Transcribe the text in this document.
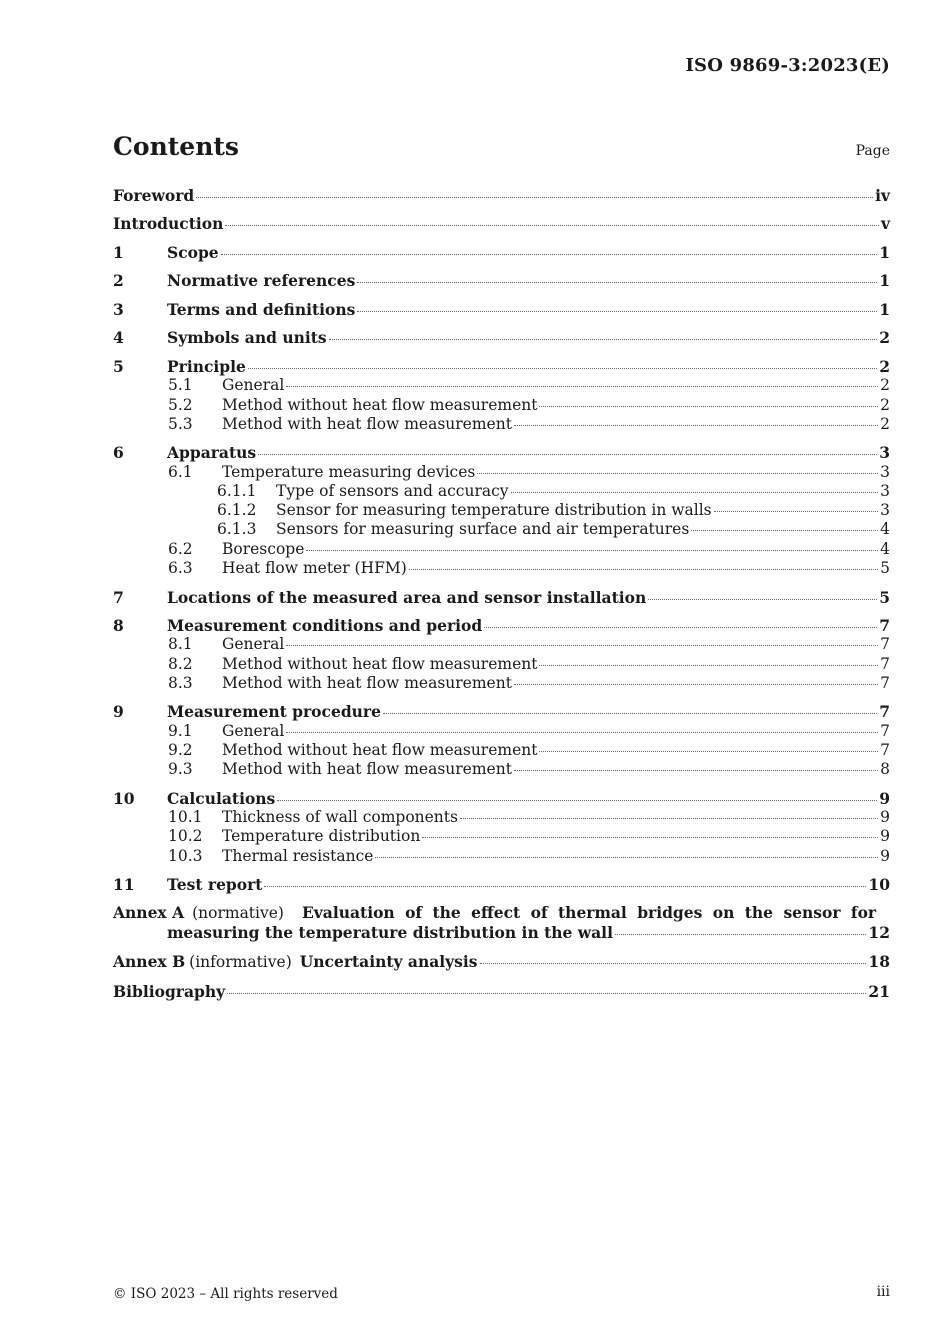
ISO 9869-3:2023(E)
Contents	Page
Foreword	iv
Introduction	v
1	Scope	1
2	Normative references	1
3	Terms and definitions	1
4	Symbols and units	2
5	Principle	2
5.1	General	2
5.2	Method without heat flow measurement	2
5.3	Method with heat flow measurement	2
6	Apparatus	3
6.1	Temperature measuring devices	3
6.1.1	Type of sensors and accuracy	3
6.1.2	Sensor for measuring temperature distribution in walls	3
6.1.3	Sensors for measuring surface and air temperatures	4
6.2	Borescope	4
6.3	Heat flow meter (HFM)	5
7	Locations of the measured area and sensor installation	5
8	Measurement conditions and period	7
8.1	General	7
8.2	Method without heat flow measurement	7
8.3	Method with heat flow measurement	7
9	Measurement procedure	7
9.1	General	7
9.2	Method without heat flow measurement	7
9.3	Method with heat flow measurement	8
10	Calculations	9
10.1	Thickness of wall components	9
10.2	Temperature distribution	9
10.3	Thermal resistance	9
11	Test report	10
Annex A (normative) Evaluation of the effect of thermal bridges on the sensor for
measuring the temperature distribution in the wall	12
Annex B (informative) Uncertainty analysis	18
Bibliography	21
© ISO 2023 – All rights reserved	iii
